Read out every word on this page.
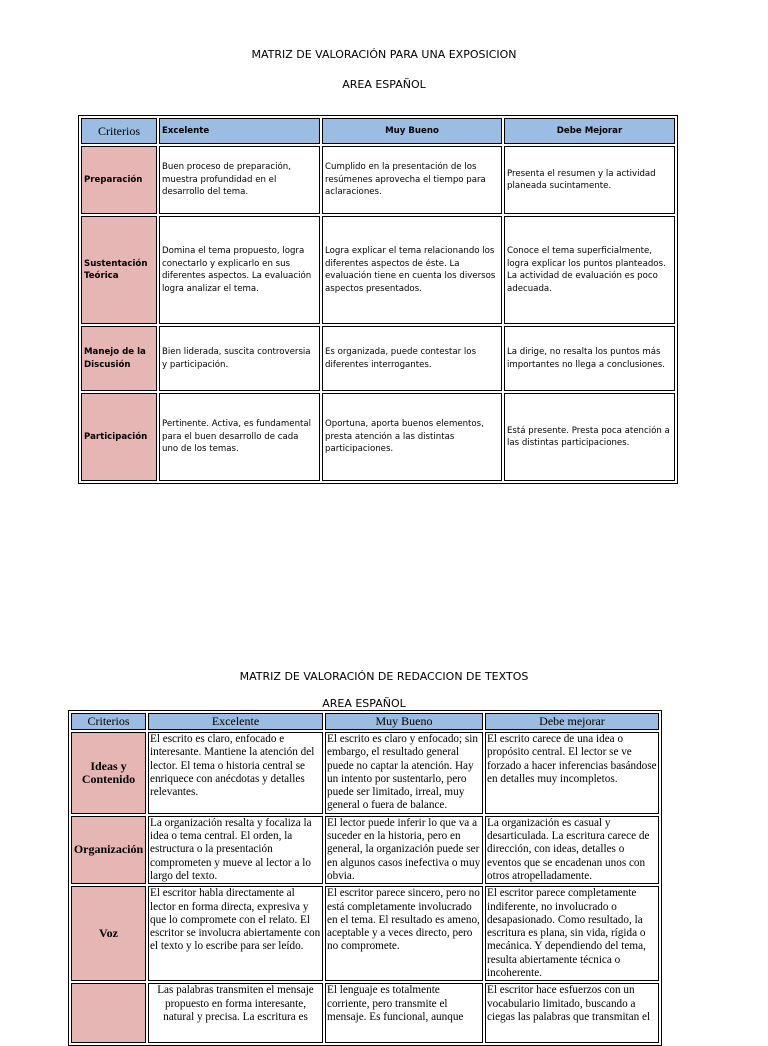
MATRIZ DE VALORACIÓN PARA UNA EXPOSICION
AREA ESPAÑOL
Criterios	Excelente	Muy Bueno	Debe Mejorar
Preparación	Buen proceso de preparación, muestra profundidad en el desarrollo del tema.	Cumplido en la presentación de los resúmenes aprovecha el tiempo para aclaraciones.	Presenta el resumen y la actividad planeada sucintamente.
Sustentación Teórica	Domina el tema propuesto, logra conectarlo y explicarlo en sus diferentes aspectos. La evaluación logra analizar el tema.	Logra explicar el tema relacionando los diferentes aspectos de éste. La evaluación tiene en cuenta los diversos aspectos presentados.	Conoce el tema superficialmente, logra explicar los puntos planteados. La actividad de evaluación es poco adecuada.
Manejo de la Discusión	Bien liderada, suscita controversia y participación.	Es organizada, puede contestar los diferentes interrogantes.	La dirige, no resalta los puntos más importantes no llega a conclusiones.
Participación	Pertinente. Activa, es fundamental para el buen desarrollo de cada uno de los temas.	Oportuna, aporta buenos elementos, presta atención a las distintas participaciones.	Está presente. Presta poca atención a las distintas participaciones.
MATRIZ DE VALORACIÓN DE REDACCION DE TEXTOS
AREA ESPAÑOL
Criterios	Excelente	Muy Bueno	Debe mejorar
Ideas y Contenido	El escrito es claro, enfocado e interesante. Mantiene la atención del lector. El tema o historia central se enriquece con anécdotas y detalles relevantes.	El escrito es claro y enfocado; sin embargo, el resultado general puede no captar la atención. Hay un intento por sustentarlo, pero puede ser limitado, irreal, muy general o fuera de balance.	El escrito carece de una idea o propósito central. El lector se ve forzado a hacer inferencias basándose en detalles muy incompletos.
Organización	La organización resalta y focaliza la idea o tema central. El orden, la estructura o la presentación comprometen y mueve al lector a lo largo del texto.	El lector puede inferir lo que va a suceder en la historia, pero en general, la organización puede ser en algunos casos inefectiva o muy obvia.	La organización es casual y desarticulada. La escritura carece de dirección, con ideas, detalles o eventos que se encadenan unos con otros atropelladamente.
Voz	El escritor habla directamente al lector en forma directa, expresiva y que lo compromete con el relato. El escritor se involucra abiertamente con el texto y lo escribe para ser leído.	El escritor parece sincero, pero no está completamente involucrado en el tema. El resultado es ameno, aceptable y a veces directo, pero no compromete.	El escritor parece completamente indiferente, no involucrado o desapasionado. Como resultado, la escritura es plana, sin vida, rígida o mecánica. Y dependiendo del tema, resulta abiertamente técnica o incoherente.
	Las palabras transmiten el mensaje propuesto en forma interesante, natural y precisa. La escritura es	El lenguaje es totalmente corriente, pero transmite el mensaje. Es funcional, aunque	El escritor hace esfuerzos con un vocabulario limitado, buscando a ciegas las palabras que transmitan el
